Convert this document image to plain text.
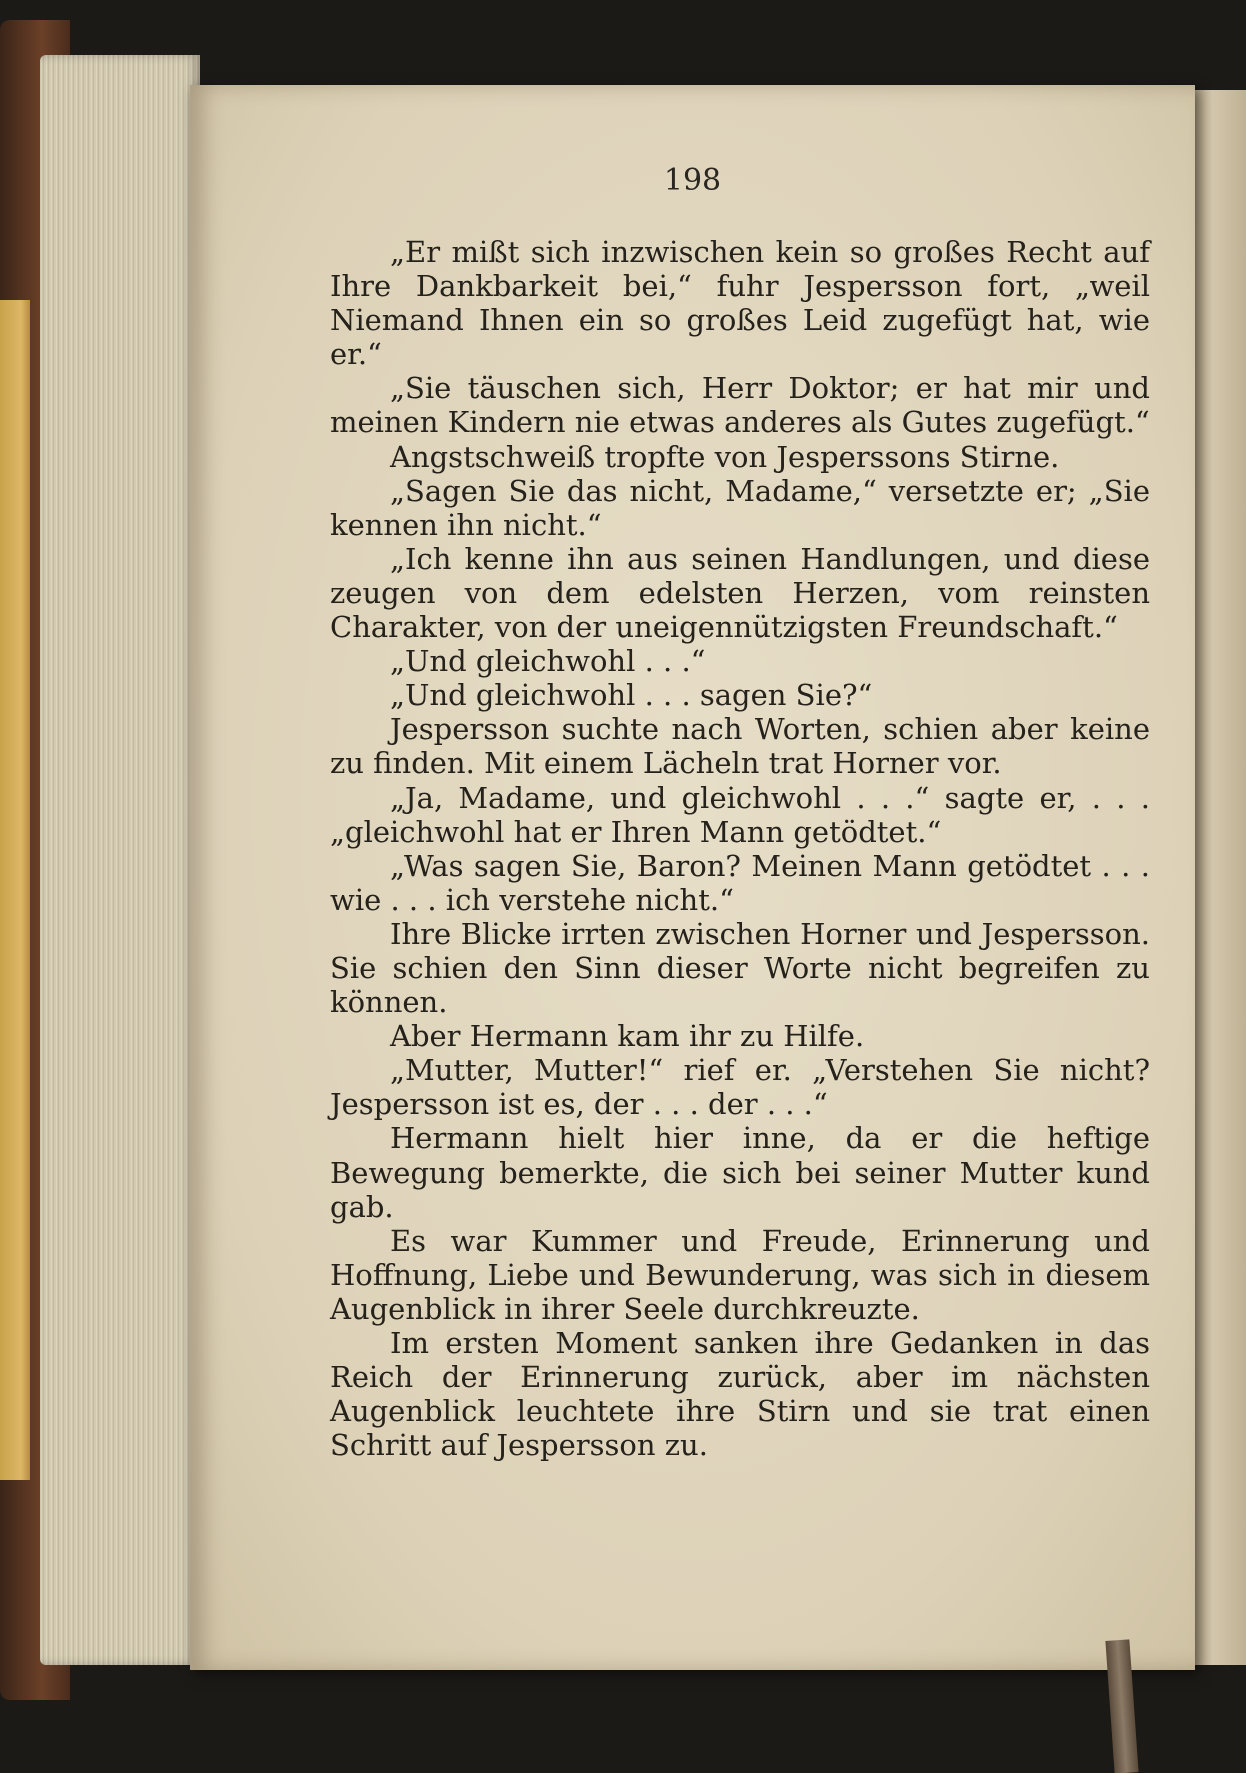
198

„Er mißt sich inzwischen kein so großes Recht auf Ihre Dankbarkeit bei,“ fuhr Jespersson fort, „weil Niemand Ihnen ein so großes Leid zugefügt hat, wie er.“

„Sie täuschen sich, Herr Doktor; er hat mir und meinen Kindern nie etwas anderes als Gutes zugefügt.“

Angstschweiß tropfte von Jesperssons Stirne.

„Sagen Sie das nicht, Madame,“ versetzte er; „Sie kennen ihn nicht.“

„Ich kenne ihn aus seinen Handlungen, und diese zeugen von dem edelsten Herzen, vom reinsten Charakter, von der uneigennützigsten Freundschaft.“

„Und gleichwohl . . .“

„Und gleichwohl . . . sagen Sie?“

Jespersson suchte nach Worten, schien aber keine zu finden. Mit einem Lächeln trat Horner vor.

„Ja, Madame, und gleichwohl . . .“ sagte er, . . . „gleichwohl hat er Ihren Mann getödtet.“

„Was sagen Sie, Baron? Meinen Mann getödtet . . . wie . . . ich verstehe nicht.“

Ihre Blicke irrten zwischen Horner und Jespersson. Sie schien den Sinn dieser Worte nicht begreifen zu können.

Aber Hermann kam ihr zu Hilfe.

„Mutter, Mutter!“ rief er. „Verstehen Sie nicht? Jespersson ist es, der . . . der . . .“

Hermann hielt hier inne, da er die heftige Bewegung bemerkte, die sich bei seiner Mutter kund gab.

Es war Kummer und Freude, Erinnerung und Hoffnung, Liebe und Bewunderung, was sich in diesem Augenblick in ihrer Seele durchkreuzte.

Im ersten Moment sanken ihre Gedanken in das Reich der Erinnerung zurück, aber im nächsten Augenblick leuchtete ihre Stirn und sie trat einen Schritt auf Jespersson zu.
